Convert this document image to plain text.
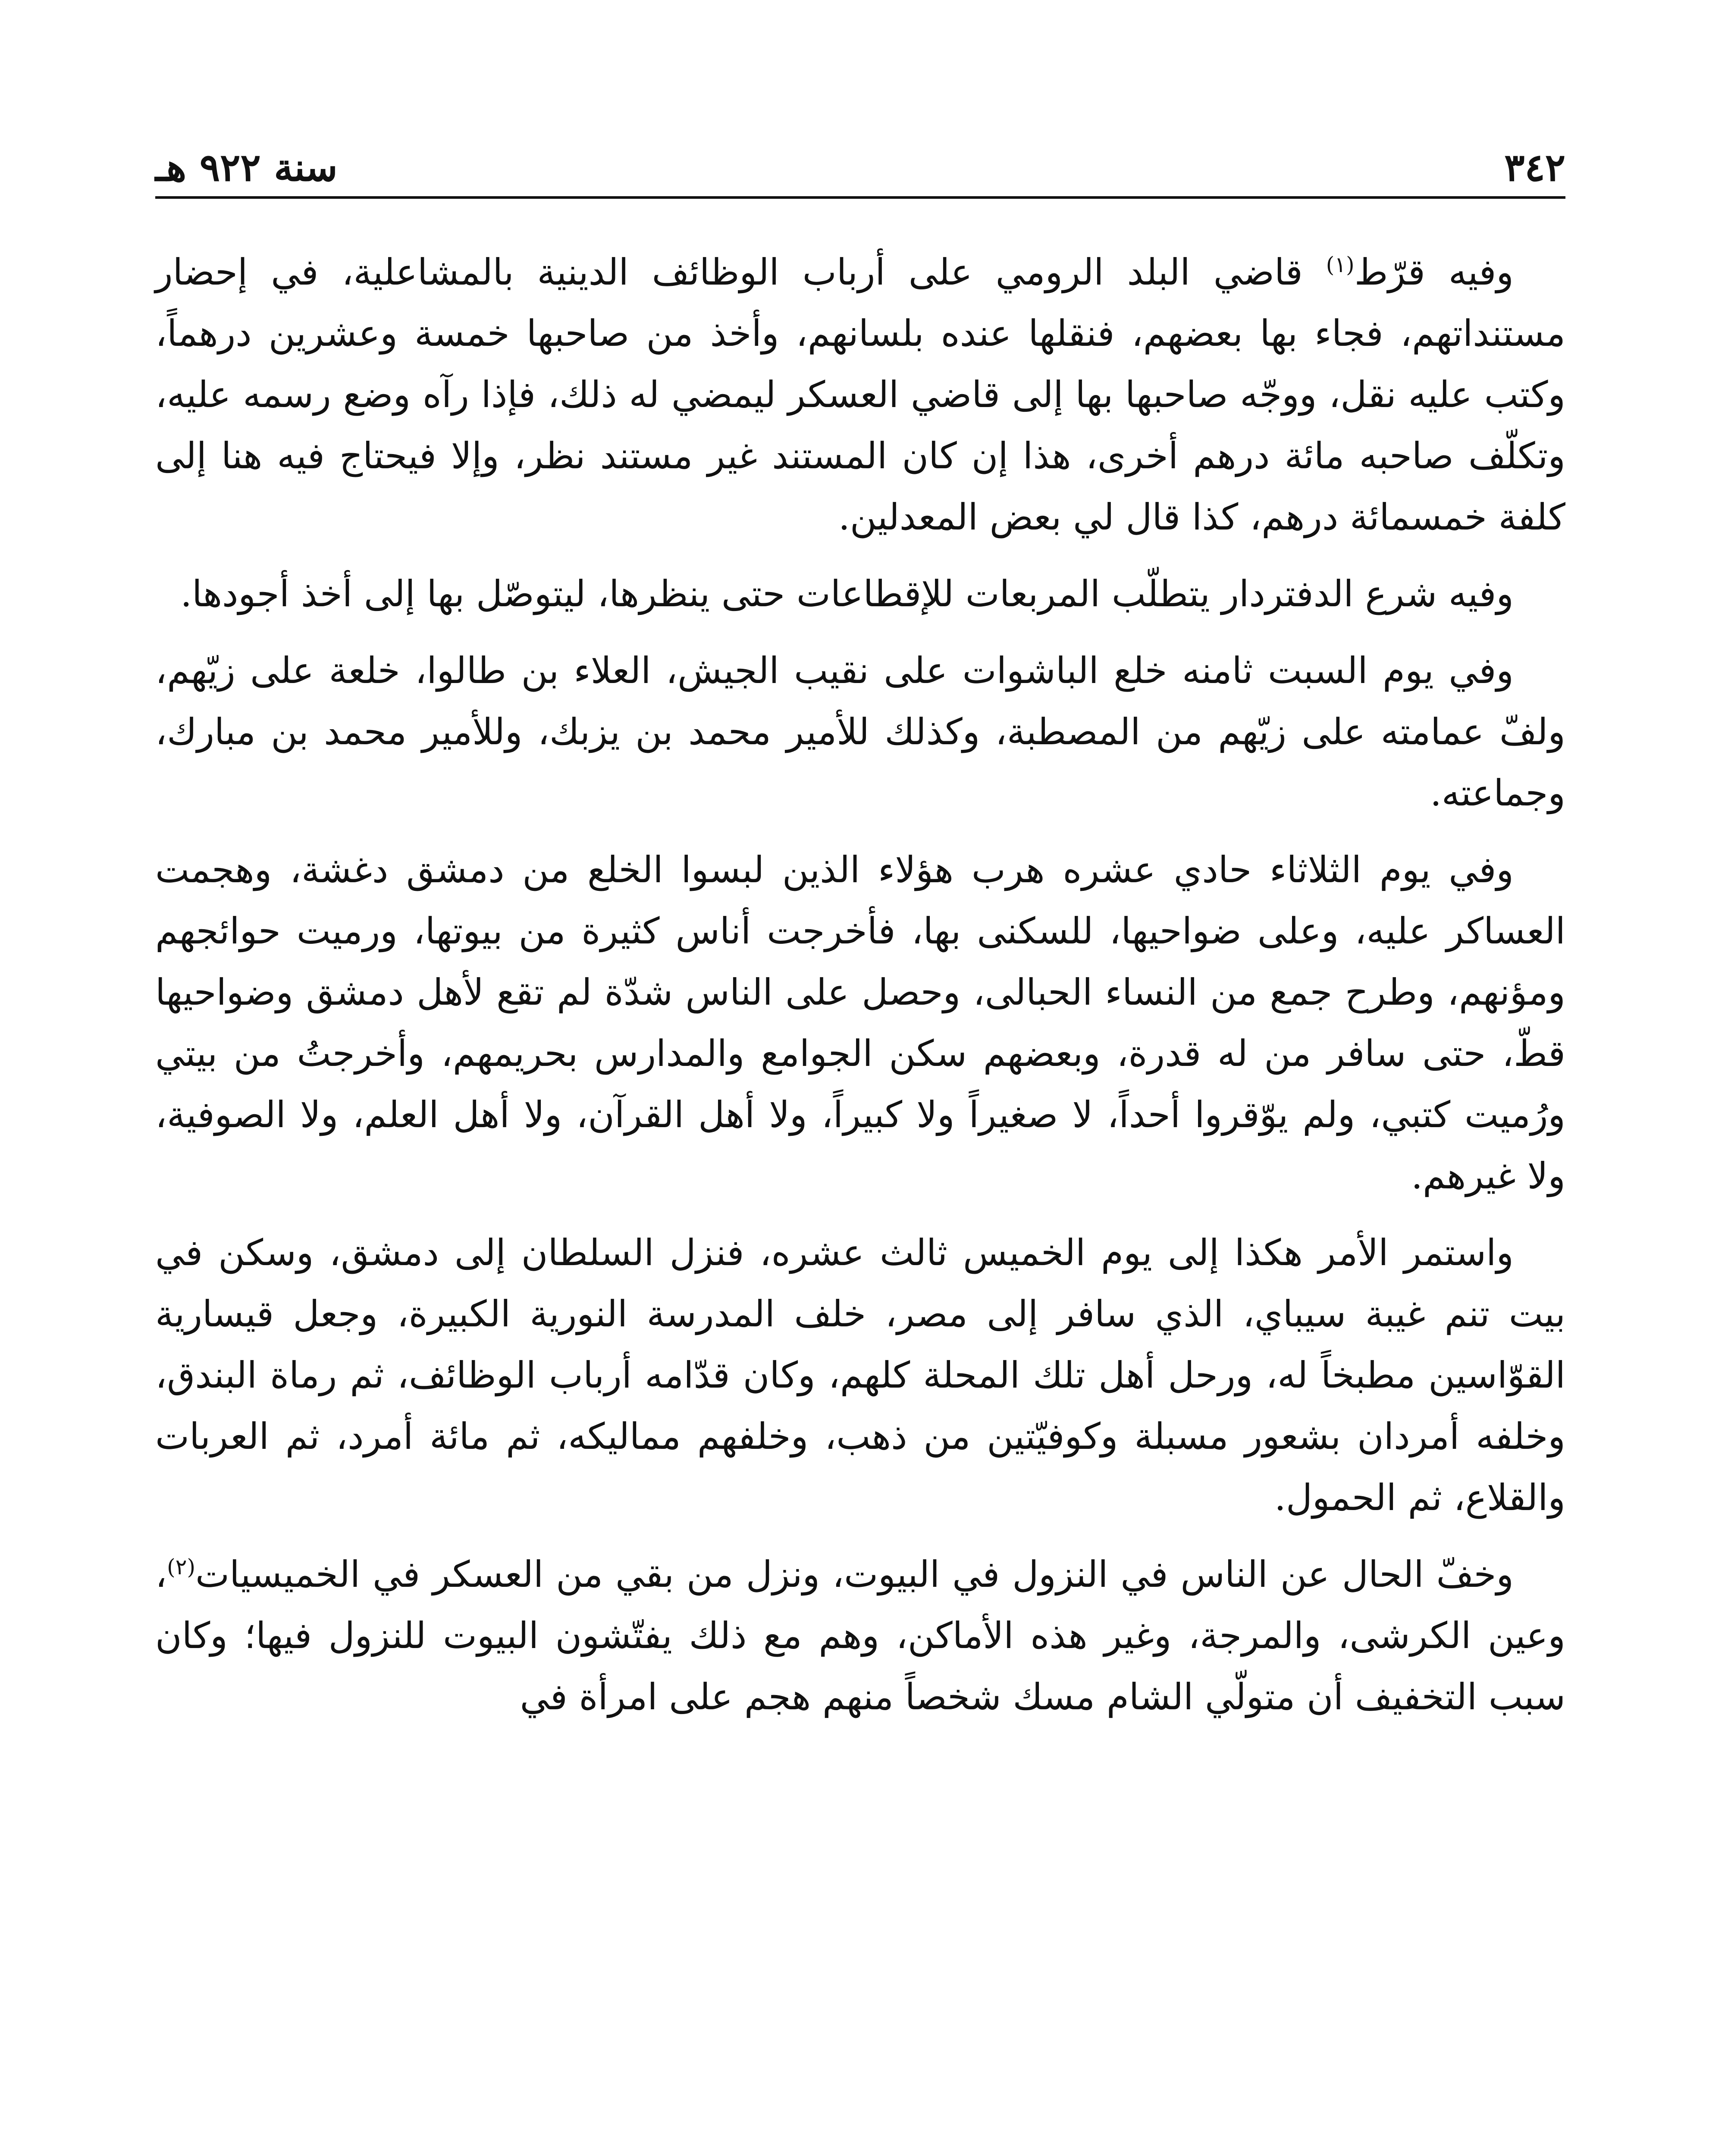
٣٤٢
سنة ٩٢٢ هـ

وفيه قرّط$^{(١)}$ قاضي البلد الرومي على أرباب الوظائف الدينية بالمشاعلية، في إحضار مستنداتهم، فجاء بها بعضهم، فنقلها عنده بلسانهم، وأخذ من صاحبها خمسة وعشرين درهماً، وكتب عليه نقل، ووجّه صاحبها بها إلى قاضي العسكر ليمضي له ذلك، فإذا رآه وضع رسمه عليه، وتكلّف صاحبه مائة درهم أخرى، هذا إن كان المستند غير مستند نظر، وإلا فيحتاج فيه هنا إلى كلفة خمسمائة درهم، كذا قال لي بعض المعدلين.

وفيه شرع الدفتردار يتطلّب المربعات للإقطاعات حتى ينظرها، ليتوصّل بها إلى أخذ أجودها.

وفي يوم السبت ثامنه خلع الباشوات على نقيب الجيش، العلاء بن طالوا، خلعة على زيّهم، ولفّ عمامته على زيّهم من المصطبة، وكذلك للأمير محمد بن يزبك، وللأمير محمد بن مبارك، وجماعته.

وفي يوم الثلاثاء حادي عشره هرب هؤلاء الذين لبسوا الخلع من دمشق دغشة، وهجمت العساكر عليه، وعلى ضواحيها، للسكنى بها، فأخرجت أناس كثيرة من بيوتها، ورميت حوائجهم ومؤنهم، وطرح جمع من النساء الحبالى، وحصل على الناس شدّة لم تقع لأهل دمشق وضواحيها قطّ، حتى سافر من له قدرة، وبعضهم سكن الجوامع والمدارس بحريمهم، وأخرجتُ من بيتي ورُميت كتبي، ولم يوّقروا أحداً، لا صغيراً ولا كبيراً، ولا أهل القرآن، ولا أهل العلم، ولا الصوفية، ولا غيرهم.

واستمر الأمر هكذا إلى يوم الخميس ثالث عشره، فنزل السلطان إلى دمشق، وسكن في بيت تنم غيبة سيباي، الذي سافر إلى مصر، خلف المدرسة النورية الكبيرة، وجعل قيسارية القوّاسين مطبخاً له، ورحل أهل تلك المحلة كلهم، وكان قدّامه أرباب الوظائف، ثم رماة البندق، وخلفه أمردان بشعور مسبلة وكوفيّتين من ذهب، وخلفهم مماليكه، ثم مائة أمرد، ثم العربات والقلاع، ثم الحمول.

وخفّ الحال عن الناس في النزول في البيوت، ونزل من بقي من العسكر في الخميسيات$^{(٢)}$، وعين الكرشى، والمرجة، وغير هذه الأماكن، وهم مع ذلك يفتّشون البيوت للنزول فيها؛ وكان سبب التخفيف أن متولّي الشام مسك شخصاً منهم هجم على امرأة في
